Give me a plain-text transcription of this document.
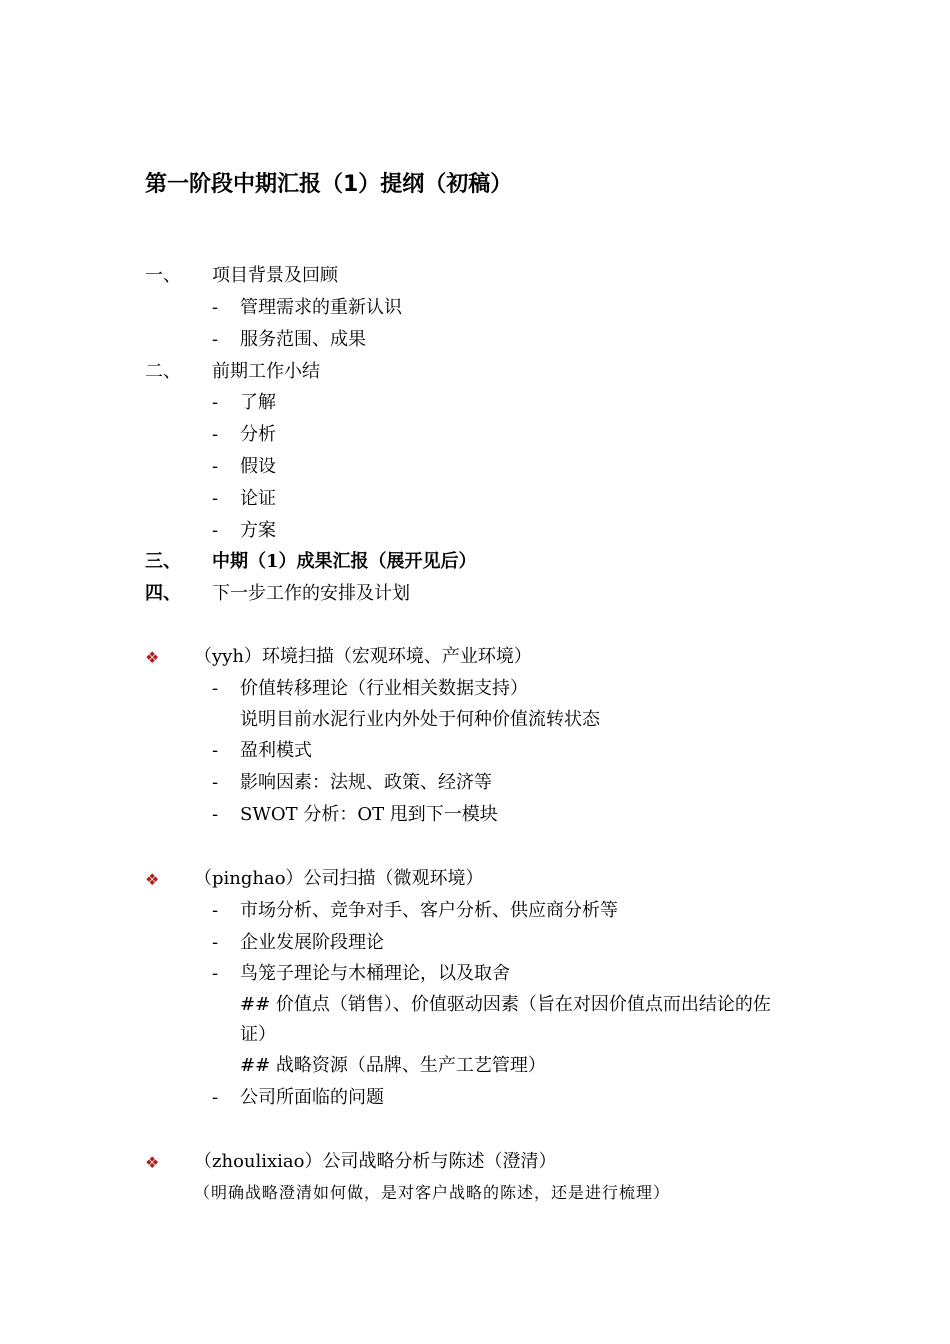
第一阶段中期汇报（1）提纲（初稿）
一、 项目背景及回顾
- 管理需求的重新认识
- 服务范围、成果
二、 前期工作小结
- 了解
- 分析
- 假设
- 论证
- 方案
三、 中期（1）成果汇报（展开见后）
四、 下一步工作的安排及计划
❖ （yyh）环境扫描（宏观环境、产业环境）
- 价值转移理论（行业相关数据支持）
说明目前水泥行业内外处于何种价值流转状态
- 盈利模式
- 影响因素：法规、政策、经济等
- SWOT 分析：OT 甩到下一模块
❖ （pinghao）公司扫描（微观环境）
- 市场分析、竞争对手、客户分析、供应商分析等
- 企业发展阶段理论
- 鸟笼子理论与木桶理论，以及取舍
## 价值点（销售）、价值驱动因素（旨在对因价值点而出结论的佐
证）
## 战略资源（品牌、生产工艺管理）
- 公司所面临的问题
❖ （zhoulixiao）公司战略分析与陈述（澄清）
（明确战略澄清如何做，是对客户战略的陈述，还是进行梳理）
